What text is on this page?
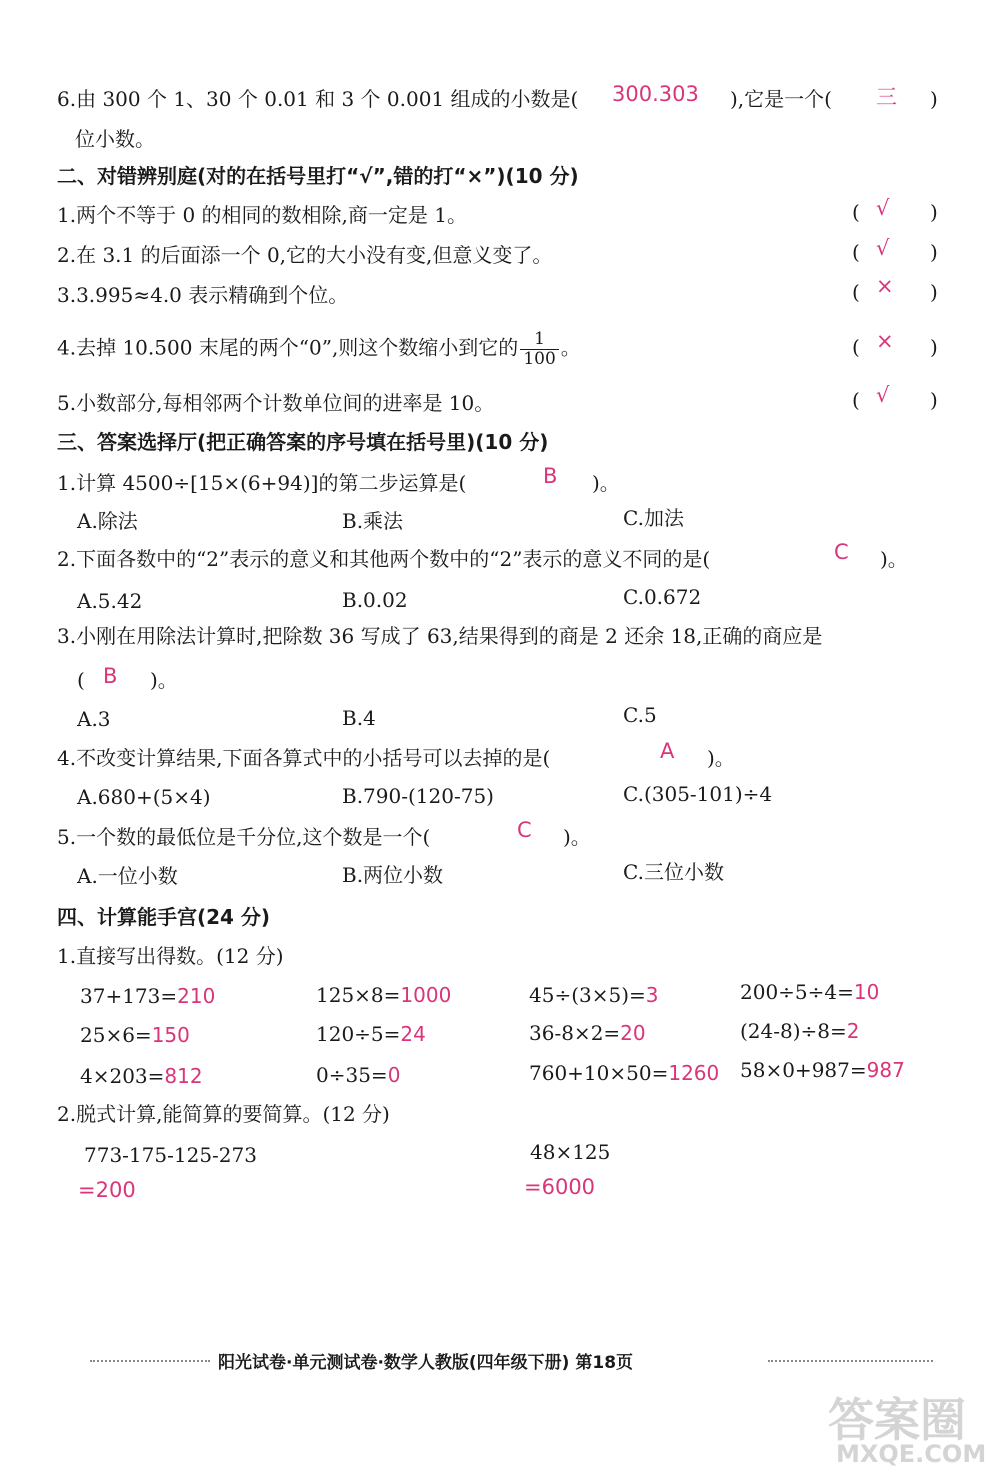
6.由 300 个 1、30 个 0.01 和 3 个 0.001 组成的小数是( 300.303 ),它是一个( 三 )
位小数。
二、对错辨别庭(对的在括号里打“√”,错的打“×”)(10 分)
1.两个不等于 0 的相同的数相除,商一定是 1。	( √ )
2.在 3.1 的后面添一个 0,它的大小没有变,但意义变了。	( √ )
3.3.995≈4.0 表示精确到个位。	( × )
4.去掉 10.500 末尾的两个“0”,则这个数缩小到它的 $\frac{1}{100}$ 。	( × )
5.小数部分,每相邻两个计数单位间的进率是 10。	( √ )
三、答案选择厅(把正确答案的序号填在括号里)(10 分)
1.计算 4500÷[15×(6+94)]的第二步运算是(	B )。
A.除法	B.乘法	C.加法
2.下面各数中的“2”表示的意义和其他两个数中的“2”表示的意义不同的是(	C )。
A.5.42	B.0.02	C.0.672
3.小刚在用除法计算时,把除数 36 写成了 63,结果得到的商是 2 还余 18,正确的商应是
( B )。
A.3	B.4	C.5
4.不改变计算结果,下面各算式中的小括号可以去掉的是(	A )。
A.680+(5×4)	B.790-(120-75)	C.(305-101)÷4
5.一个数的最低位是千分位,这个数是一个(	C )。
A.一位小数	B.两位小数	C.三位小数
四、计算能手宫(24 分)
1.直接写出得数。(12 分)
37+173=210	125×8=1000	45÷(3×5)=3	200÷5÷4=10
25×6=150	120÷5=24	36-8×2=20	(24-8)÷8=2
4×203=812	0÷35=0	760+10×50=1260 58×0+987=987
2.脱式计算,能简算的要简算。(12 分)
773-175-125-273
=200
48×125
=6000
阳光试卷·单元测试卷·数学人教版(四年级下册) 第18页
答案圈
MXQE.COM
